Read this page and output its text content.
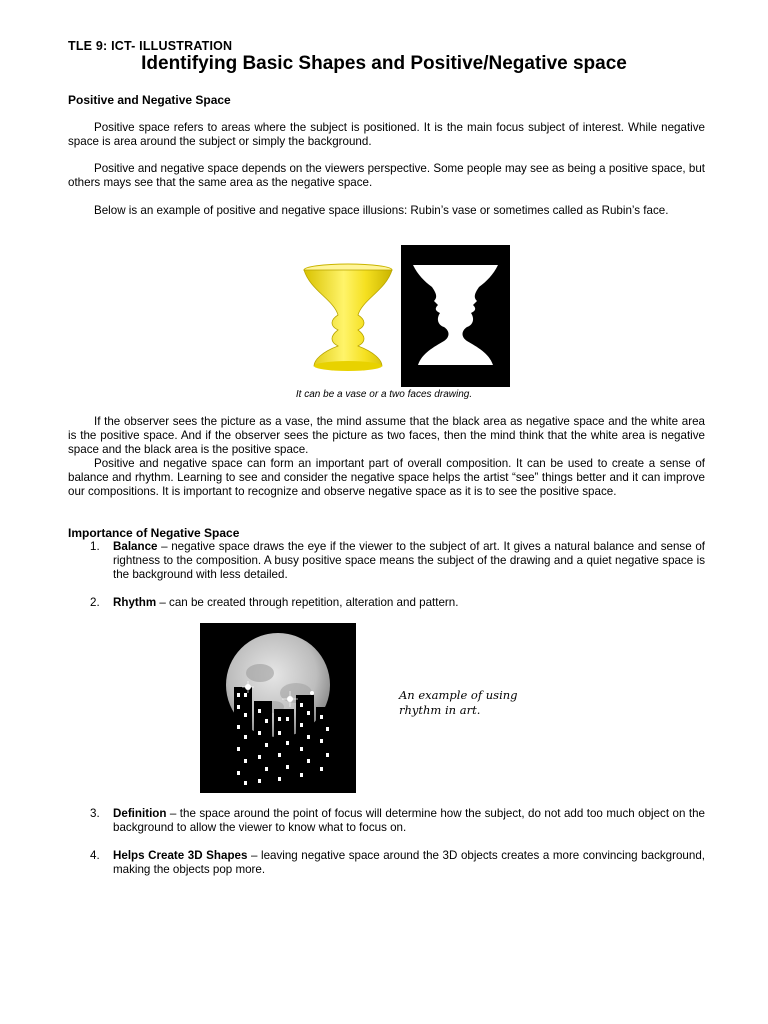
TLE 9: ICT- ILLUSTRATION
Identifying Basic Shapes and Positive/Negative space
Positive and Negative Space

Positive space refers to areas where the subject is positioned. It is the main focus subject of interest. While negative space is area around the subject or simply the background.

Positive and negative space depends on the viewers perspective. Some people may see as being a positive space, but others mays see that the same area as the negative space.

Below is an example of positive and negative space illusions: Rubin’s vase or sometimes called as Rubin’s face.

It can be a vase or a two faces drawing.

If the observer sees the picture as a vase, the mind assume that the black area as negative space and the white area is the positive space. And if the observer sees the picture as two faces, then the mind think that the white area is negative space and the black area is the positive space.

Positive and negative space can form an important part of overall composition. It can be used to create a sense of balance and rhythm. Learning to see and consider the negative space helps the artist “see” things better and it can improve our compositions. It is important to recognize and observe negative space as it is to see the positive space.

Importance of Negative Space
1. Balance – negative space draws the eye if the viewer to the subject of art. It gives a natural balance and sense of rightness to the composition. A busy positive space means the subject of the drawing and a quiet negative space is the background with less detailed.
2. Rhythm – can be created through repetition, alteration and pattern.
3. Definition – the space around the point of focus will determine how the subject, do not add too much object on the background to allow the viewer to know what to focus on.
4. Helps Create 3D Shapes – leaving negative space around the 3D objects creates a more convincing background, making the objects pop more.
An example of using rhythm in art.
